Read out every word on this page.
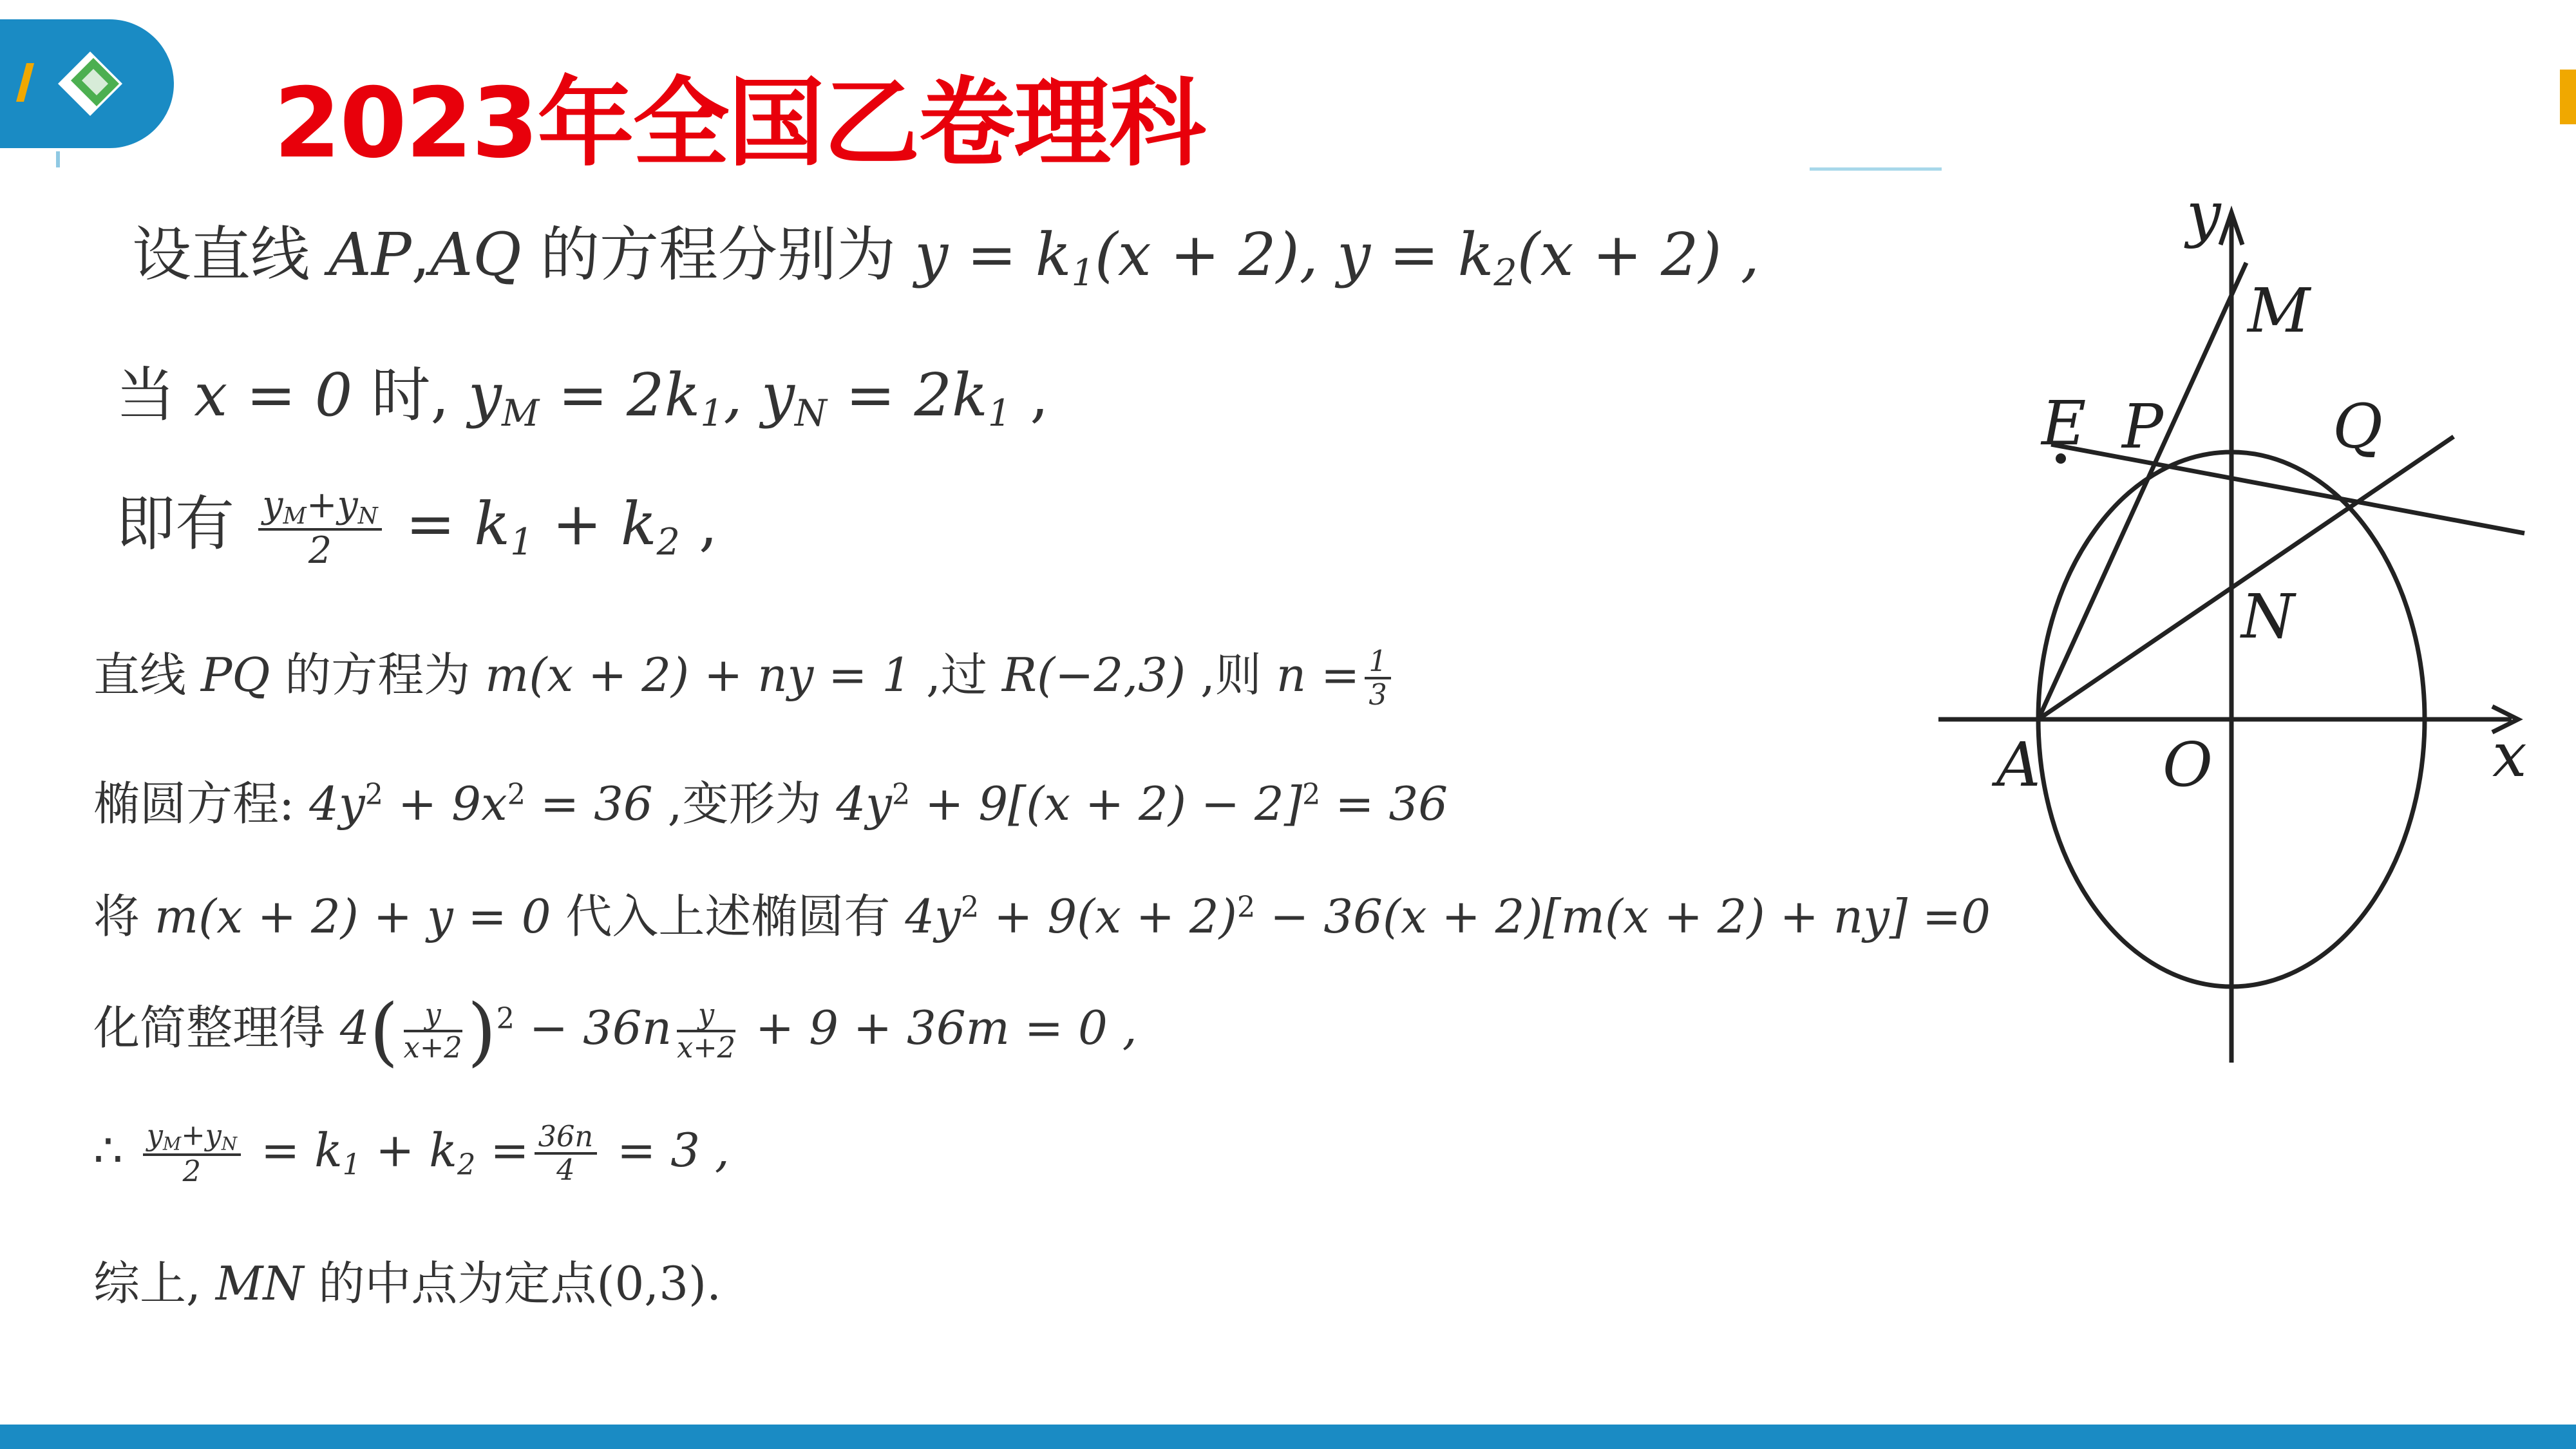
2023年全国乙卷理科
设直线 AP,AQ 的方程分别为 $y = k_1(x + 2)$, $y = k_2(x + 2)$ ,
当 x = 0 时, $y_M = 2k_1$, $y_N = 2k_1$ ,
即有 $\frac{y_M+y_N}{2} = k_1 + k_2$ ,
直线 PQ 的方程为 m(x + 2) + ny = 1 ,过 R(−2,3) ,则 $n = \frac{1}{3}$
椭圆方程: $4y^2 + 9x^2 = 36$ ,变形为 $4y^2 + 9[(x + 2) - 2]^2 = 36$
将 m(x + 2) + y = 0 代入上述椭圆有 $4y^2 + 9(x + 2)^2 - 36(x + 2)[m(x + 2) + ny] =0$
化简整理得 $4( \frac{y}{x+2} )^2 - 36n \frac{y}{x+2} + 9 + 36m = 0$ ,
∴ $\frac{y_M+y_N}{2} = k_1 + k_2 = \frac{36n}{4} = 3$ ,
综上, MN 的中点为定点(0,3).
y
x
M
E P	Q
N
A O
